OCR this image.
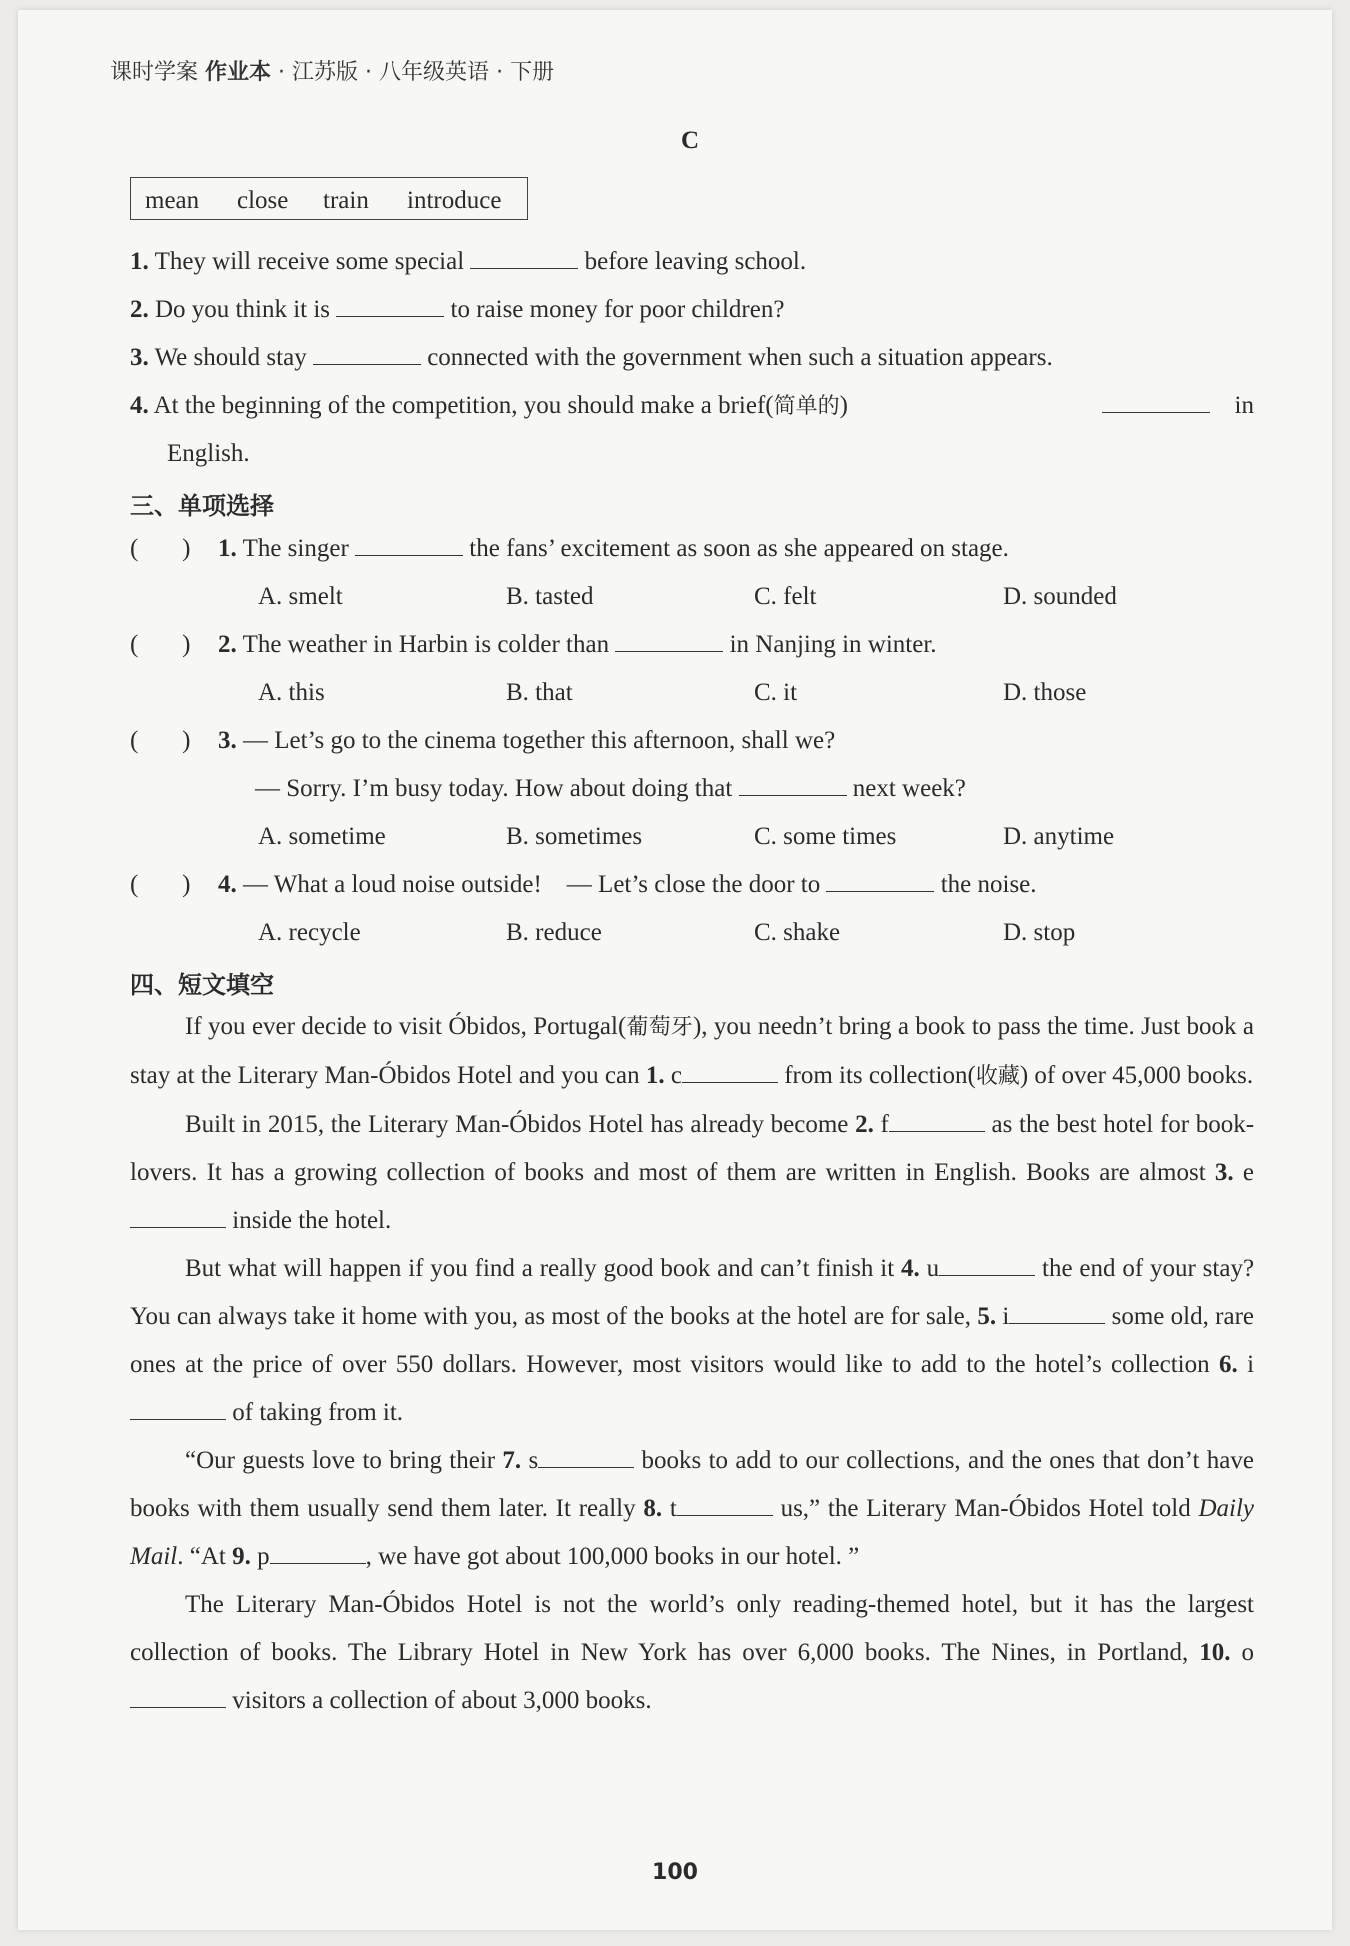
课时学案 作业本 · 江苏版 · 八年级英语 · 下册
C
mean close train introduce
1. They will receive some special	before leaving school.
2. Do you think it is	to raise money for poor children?
3. We should stay	connected with the government when such a situation appears.
4. At the beginning of the competition, you should make a brief(简单的)	in
English.
三、单项选择
(       ) 1. The singer	the fans’ excitement as soon as she appeared on stage.
A. smelt	B. tasted	C. felt	D. sounded
(       ) 2. The weather in Harbin is colder than	in Nanjing in winter.
A. this	B. that	C. it	D. those
(       ) 3. — Let’s go to the cinema together this afternoon, shall we?
— Sorry. I’m busy today. How about doing that	next week?
A. sometime	B. sometimes	C. some times	D. anytime
(       ) 4. — What a loud noise outside!    — Let’s close the door to	the noise.
A. recycle	B. reduce	C. shake	D. stop
四、短文填空

If you ever decide to visit Óbidos, Portugal(葡萄牙), you needn’t bring a book to pass the time. Just book a stay at the Literary Man-Óbidos Hotel and you can 1. c	from its collection(收藏) of over 45,000 books.

Built in 2015, the Literary Man-Óbidos Hotel has already become 2. f	as the best hotel for book-lovers. It has a growing collection of books and most of them are written in English. Books are almost 3. e inside the hotel.

But what will happen if you find a really good book and can’t finish it 4. u	the end of your stay? You can always take it home with you, as most of the books at the hotel are for sale, 5. i	some old, rare ones at the price of over 550 dollars. However, most visitors would like to add to the hotel’s collection 6. i of taking from it.

“Our guests love to bring their 7. s	books to add to our collections, and the ones that don’t have books with them usually send them later. It really 8. t	us,” the Literary Man-Óbidos Hotel told Daily Mail. “At 9. p	, we have got about 100,000 books in our hotel. ”

The Literary Man-Óbidos Hotel is not the world’s only reading-themed hotel, but it has the largest collection of books. The Library Hotel in New York has over 6,000 books. The Nines, in Portland, 10. o visitors a collection of about 3,000 books.

100
